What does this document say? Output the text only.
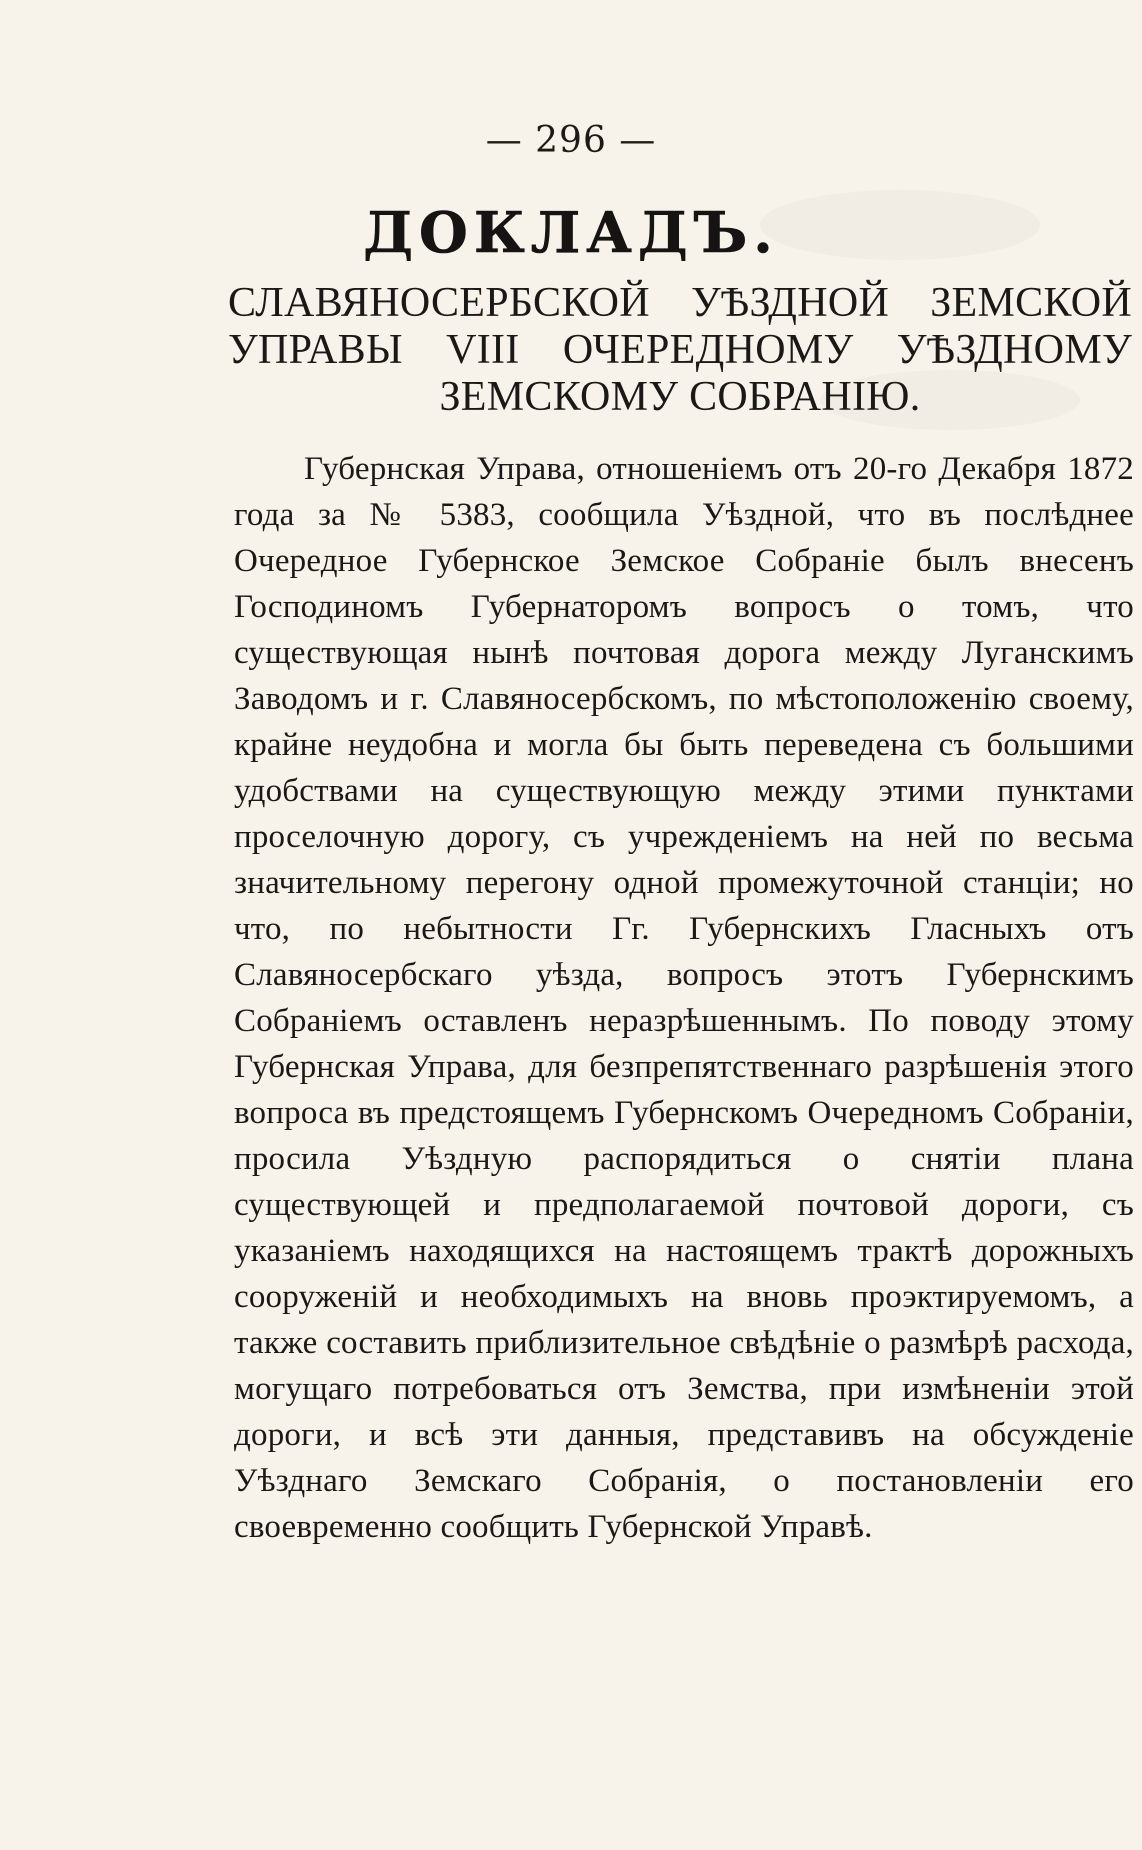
— 296 —
ДОКЛАДЪ.

СЛАВЯНОСЕРБСКОЙ УѢЗДНОЙ ЗЕМСКОЙ УПРАВЫ VIII ОЧЕРЕДНОМУ УѢЗДНОМУ ЗЕМСКОМУ СОБРАНІЮ.

Губернская Управа, отношеніемъ отъ 20-го Декабря 1872 года за № 5383, сообщила Уѣздной, что въ послѣднее Очередное Губернское Земское Собраніе былъ внесенъ Господиномъ Губернаторомъ вопросъ о томъ, что существующая нынѣ почтовая дорога между Луганскимъ Заводомъ и г. Славяносербскомъ, по мѣстоположенію своему, крайне неудобна и могла бы быть переведена съ большими удобствами на существующую между этими пунктами проселочную дорогу, съ учрежденіемъ на ней по весьма значительному перегону одной промежуточной станціи; но что, по небытности Гг. Губернскихъ Гласныхъ отъ Славяносербскаго уѣзда, вопросъ этотъ Губернскимъ Собраніемъ оставленъ неразрѣшеннымъ. По поводу этому Губернская Управа, для безпрепятственнаго разрѣшенія этого вопроса въ предстоящемъ Губернскомъ Очередномъ Собраніи, просила Уѣздную распорядиться о снятіи плана существующей и предполагаемой почтовой дороги, съ указаніемъ находящихся на настоящемъ трактѣ дорожныхъ сооруженій и необходимыхъ на вновь проэктируемомъ, а также составить приблизительное свѣдѣніе о размѣрѣ расхода, могущаго потребоваться отъ Земства, при измѣненіи этой дороги, и всѣ эти данныя, представивъ на обсужденіе Уѣзднаго Земскаго Собранія, о постановленіи его своевременно сообщить Губернской Управѣ.
